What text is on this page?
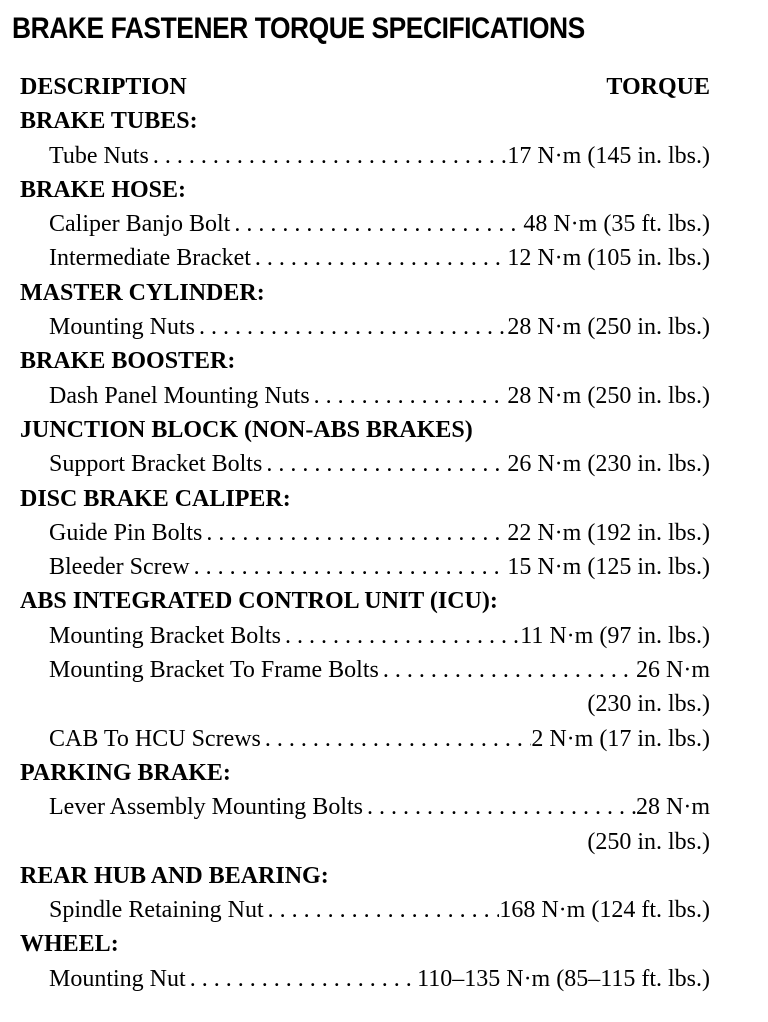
BRAKE FASTENER TORQUE SPECIFICATIONS
DESCRIPTION	TORQUE
BRAKE TUBES:
Tube Nuts . . .	17 N·m (145 in. lbs.)
BRAKE HOSE:
Caliper Banjo Bolt . . .	48 N·m (35 ft. lbs.)
Intermediate Bracket . . .	12 N·m (105 in. lbs.)
MASTER CYLINDER:
Mounting Nuts . . .	28 N·m (250 in. lbs.)
BRAKE BOOSTER:
Dash Panel Mounting Nuts . . .	28 N·m (250 in. lbs.)
JUNCTION BLOCK (NON-ABS BRAKES)
Support Bracket Bolts . . .	26 N·m (230 in. lbs.)
DISC BRAKE CALIPER:
Guide Pin Bolts . . .	22 N·m (192 in. lbs.)
Bleeder Screw . . .	15 N·m (125 in. lbs.)
ABS INTEGRATED CONTROL UNIT (ICU):
Mounting Bracket Bolts . . .	11 N·m (97 in. lbs.)
Mounting Bracket To Frame Bolts . . .	26 N·m
(230 in. lbs.)
CAB To HCU Screws . . .	2 N·m (17 in. lbs.)
PARKING BRAKE:
Lever Assembly Mounting Bolts . . .	28 N·m
(250 in. lbs.)
REAR HUB AND BEARING:
Spindle Retaining Nut . . .	168 N·m (124 ft. lbs.)
WHEEL:
Mounting Nut . . .	110–135 N·m (85–115 ft. lbs.)
